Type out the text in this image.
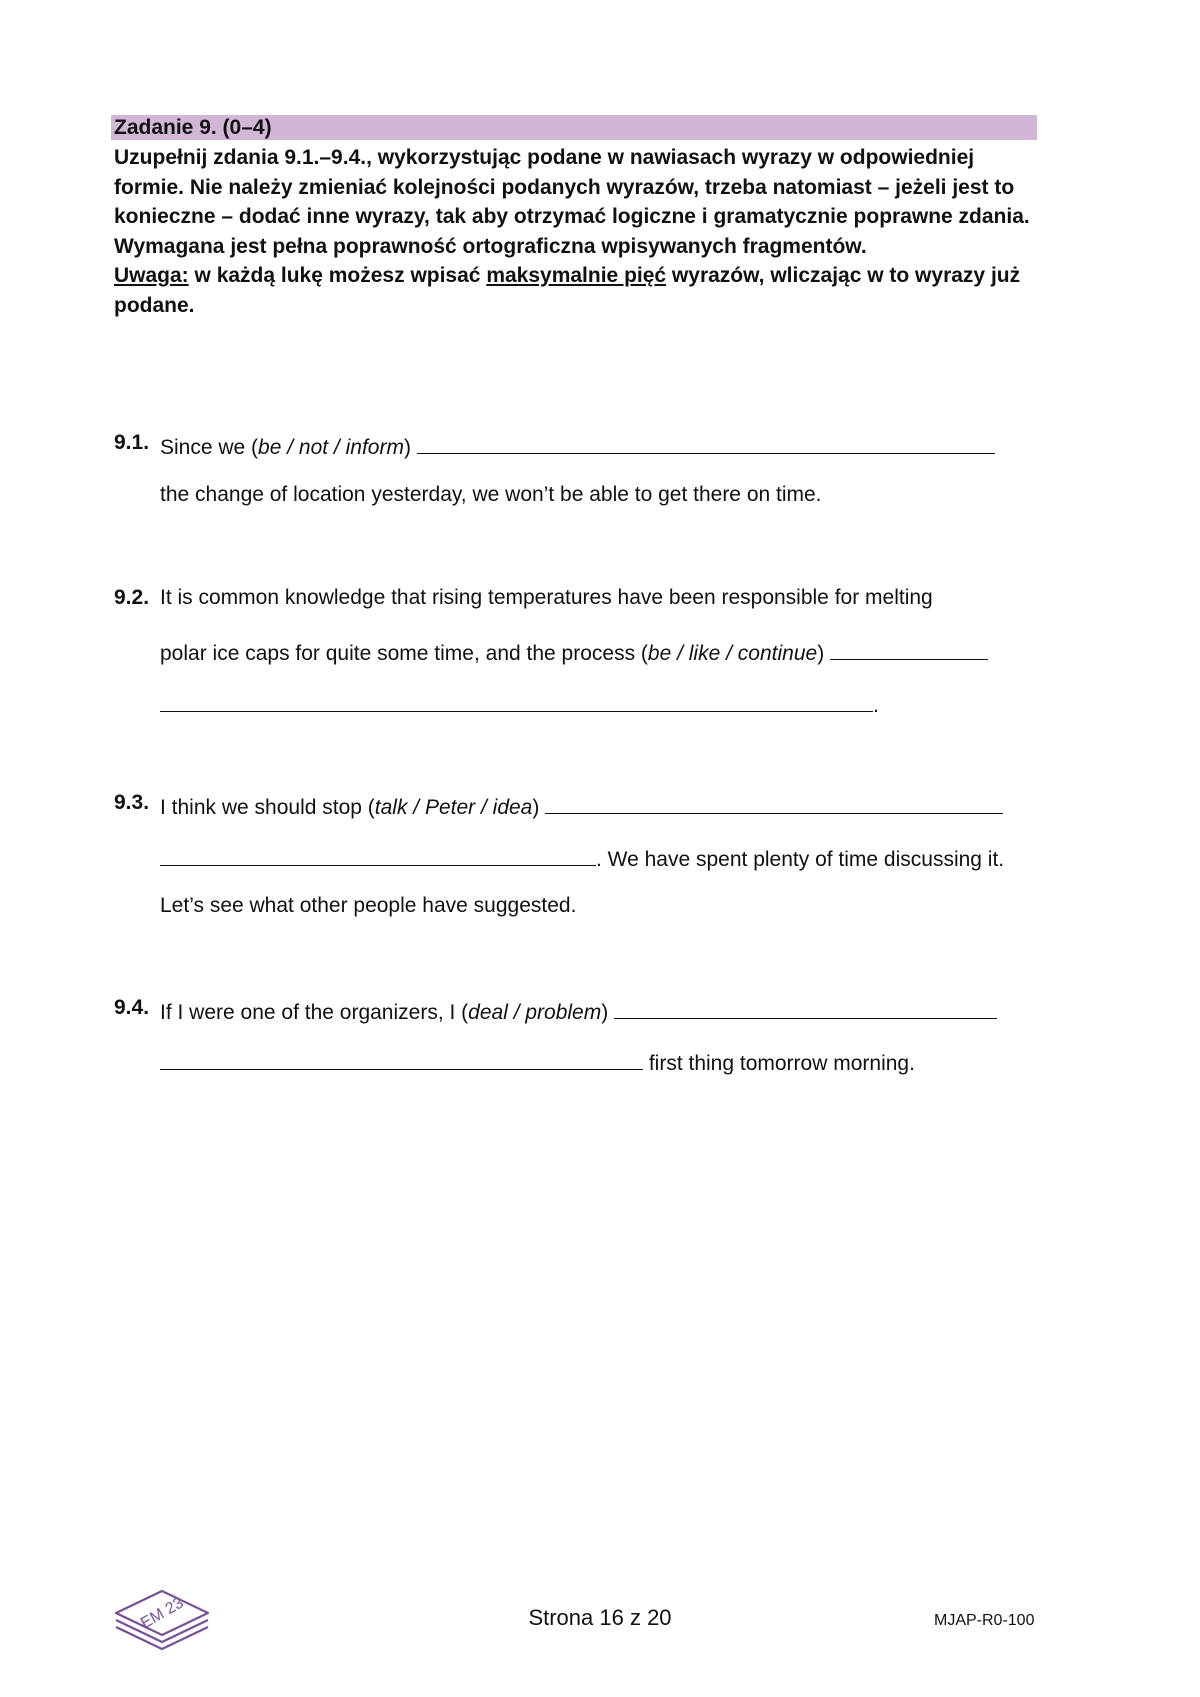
Zadanie 9. (0–4)

Uzupełnij zdania 9.1.–9.4., wykorzystując podane w nawiasach wyrazy w odpowiedniej formie. Nie należy zmieniać kolejności podanych wyrazów, trzeba natomiast – jeżeli jest to konieczne – dodać inne wyrazy, tak aby otrzymać logiczne i gramatycznie poprawne zdania. Wymagana jest pełna poprawność ortograficzna wpisywanych fragmentów.

Uwaga: w każdą lukę możesz wpisać maksymalnie pięć wyrazów, wliczając w to wyrazy już podane.

9.1. Since we (be / not / inform)
the change of location yesterday, we won’t be able to get there on time.
9.2. It is common knowledge that rising temperatures have been responsible for melting
polar ice caps for quite some time, and the process (be / like / continue)
.
9.3. I think we should stop (talk / Peter / idea)
. We have spent plenty of time discussing it.
Let’s see what other people have suggested.
9.4. If I were one of the organizers, I (deal / problem)
first thing tomorrow morning.
EM 23	Strona 16 z 20	MJAP-R0-100
